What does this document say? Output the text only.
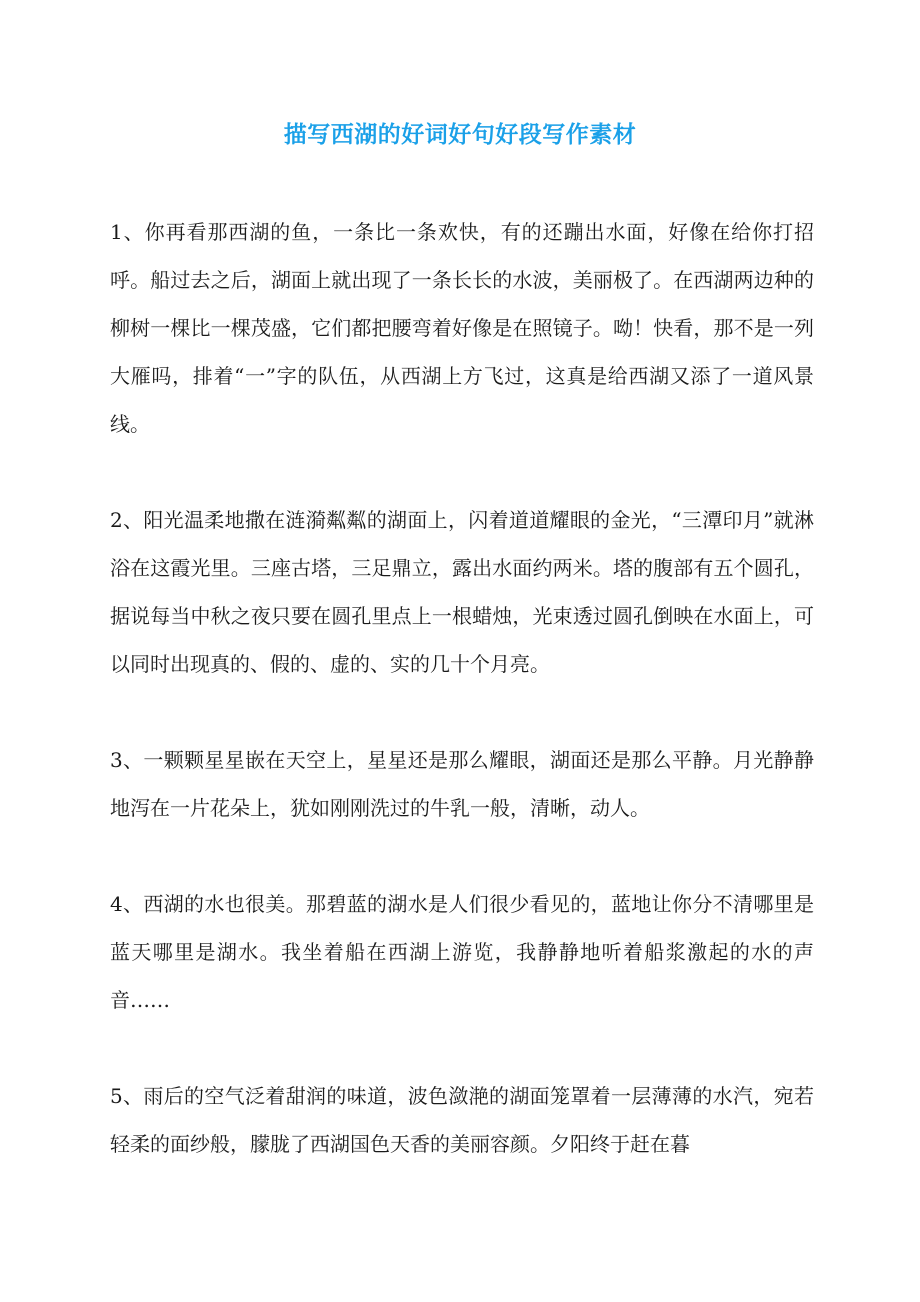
描写西湖的好词好句好段写作素材

1、你再看那西湖的鱼，一条比一条欢快，有的还蹦出水面，好像在给你打招呼。船过去之后，湖面上就出现了一条长长的水波，美丽极了。在西湖两边种的柳树一棵比一棵茂盛，它们都把腰弯着好像是在照镜子。呦！快看，那不是一列大雁吗，排着“一”字的队伍，从西湖上方飞过，这真是给西湖又添了一道风景线。

2、阳光温柔地撒在涟漪粼粼的湖面上，闪着道道耀眼的金光，“三潭印月”就淋浴在这霞光里。三座古塔，三足鼎立，露出水面约两米。塔的腹部有五个圆孔，据说每当中秋之夜只要在圆孔里点上一根蜡烛，光束透过圆孔倒映在水面上，可以同时出现真的、假的、虚的、实的几十个月亮。

3、一颗颗星星嵌在天空上，星星还是那么耀眼，湖面还是那么平静。月光静静地泻在一片花朵上，犹如刚刚洗过的牛乳一般，清晰，动人。

4、西湖的水也很美。那碧蓝的湖水是人们很少看见的，蓝地让你分不清哪里是蓝天哪里是湖水。我坐着船在西湖上游览，我静静地听着船浆激起的水的声音……

5、雨后的空气泛着甜润的味道，波色潋滟的湖面笼罩着一层薄薄的水汽，宛若轻柔的面纱般，朦胧了西湖国色天香的美丽容颜。夕阳终于赶在暮
